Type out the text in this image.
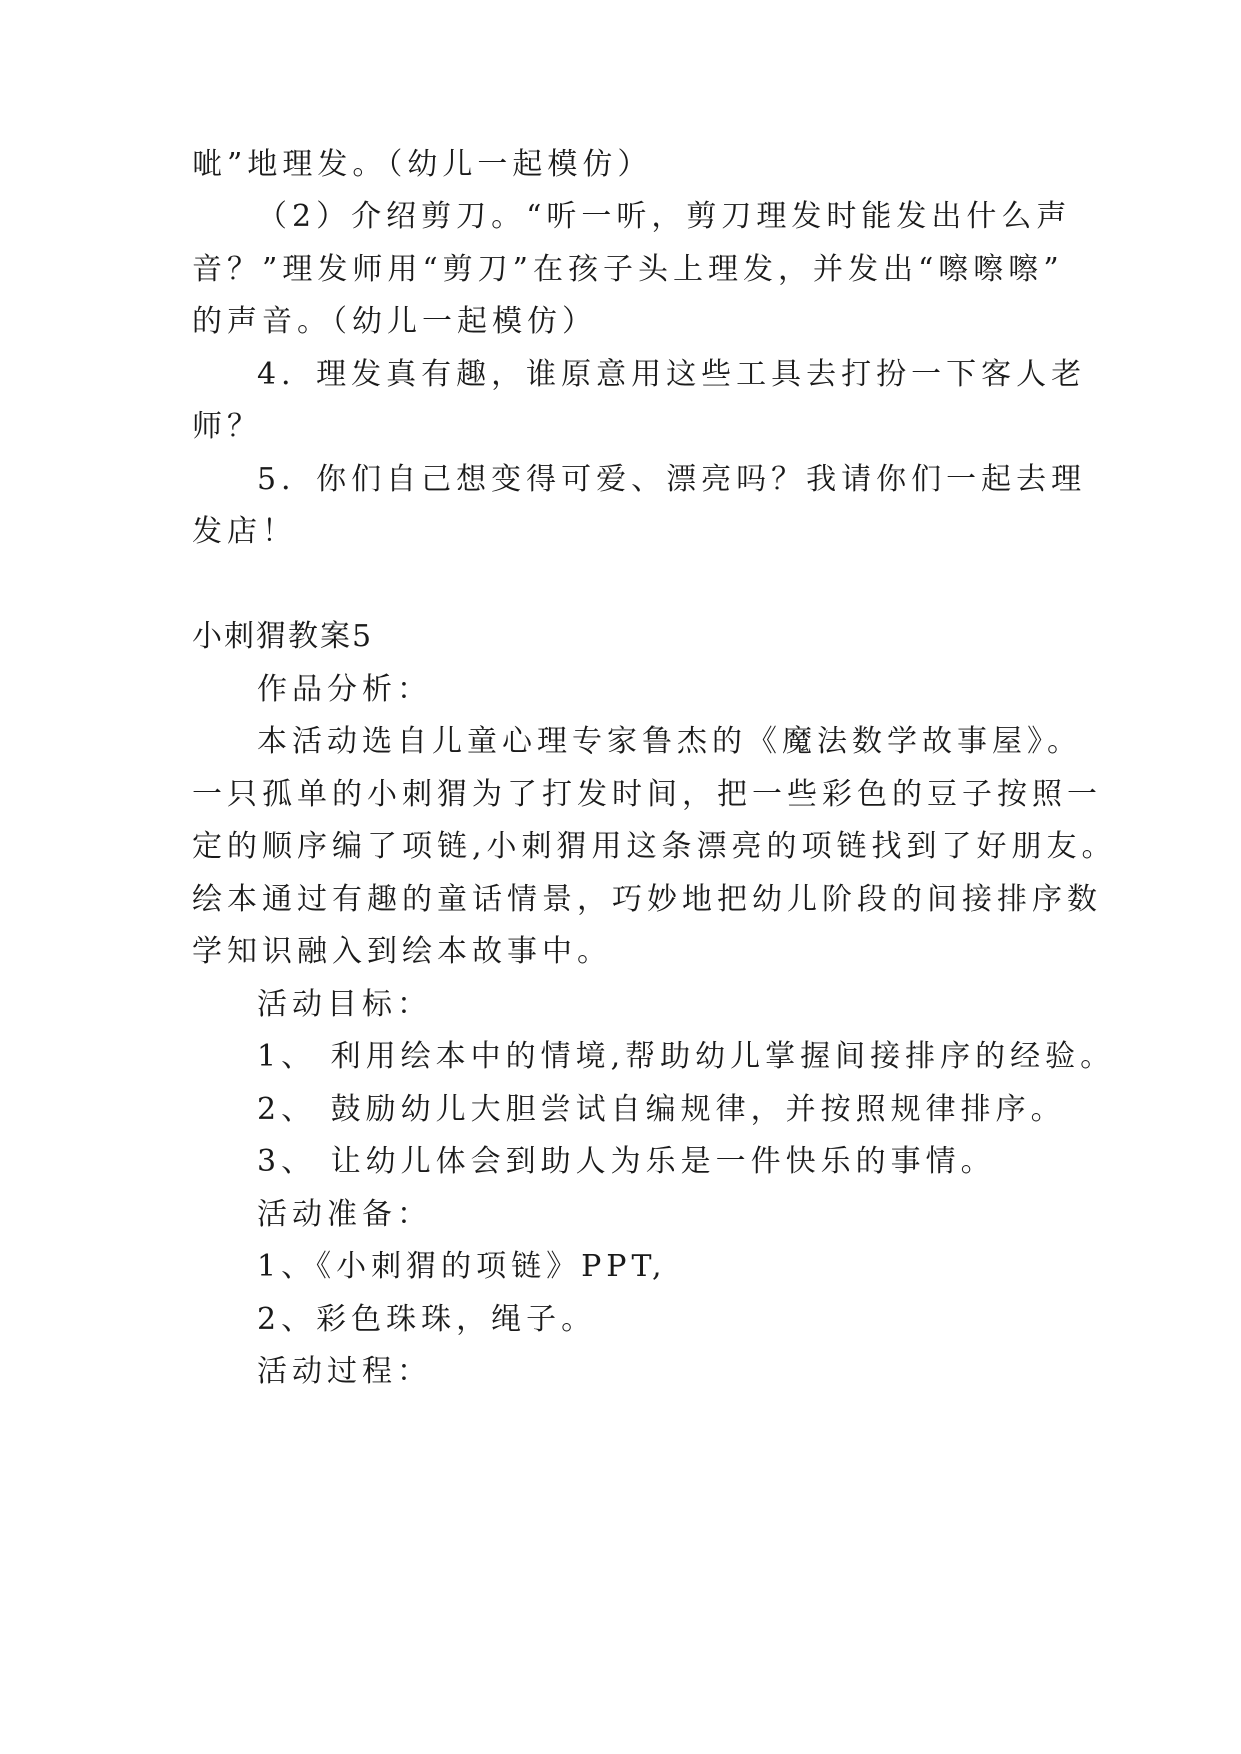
呲”地理发。（幼儿一起模仿）
（2）介绍剪刀。“听一听，剪刀理发时能发出什么声
音？”理发师用“剪刀”在孩子头上理发，并发出“嚓嚓嚓”
的声音。（幼儿一起模仿）
4．理发真有趣，谁原意用这些工具去打扮一下客人老
师？
5．你们自己想变得可爱、漂亮吗？我请你们一起去理
发店！
小刺猬教案5
作品分析：
本活动选自儿童心理专家鲁杰的《魔法数学故事屋》。
一只孤单的小刺猬为了打发时间，把一些彩色的豆子按照一
定的顺序编了项链,小刺猬用这条漂亮的项链找到了好朋友。
绘本通过有趣的童话情景，巧妙地把幼儿阶段的间接排序数
学知识融入到绘本故事中。
活动目标：
1、 利用绘本中的情境,帮助幼儿掌握间接排序的经验。
2、 鼓励幼儿大胆尝试自编规律，并按照规律排序。
3、 让幼儿体会到助人为乐是一件快乐的事情。
活动准备：
1、《小刺猬的项链》PPT,
2、彩色珠珠，绳子。
活动过程：
